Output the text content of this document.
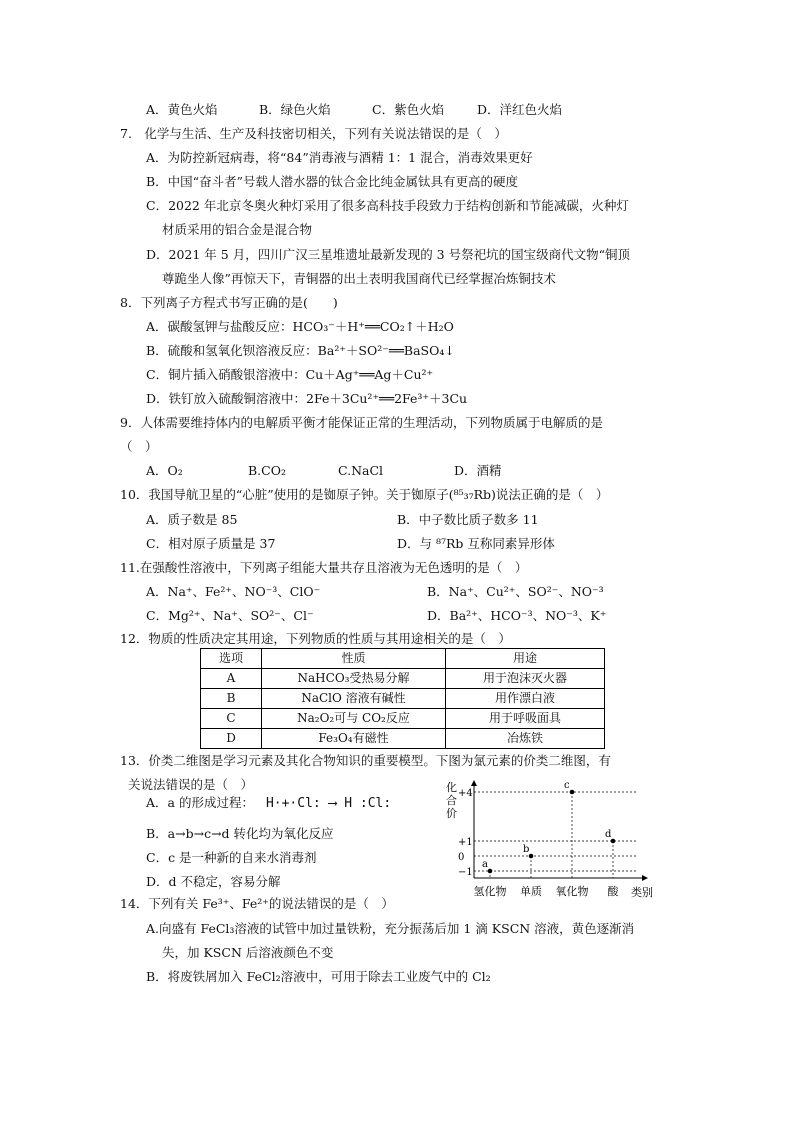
A．黄色火焰	B．绿色火焰	C．紫色火焰	D．洋红色火焰
7.　化学与生活、生产及科技密切相关，下列有关说法错误的是（　）
A．为防控新冠病毒，将“84”消毒液与酒精 1：1 混合，消毒效果更好
B．中国“奋斗者”号载人潜水器的钛合金比纯金属钛具有更高的硬度
C．2022 年北京冬奥火种灯采用了很多高科技手段致力于结构创新和节能减碳，火种灯
材质采用的铝合金是混合物
D．2021 年 5 月，四川广汉三星堆遗址最新发现的 3 号祭祀坑的国宝级商代文物“铜顶
尊跪坐人像”再惊天下，青铜器的出土表明我国商代已经掌握冶炼铜技术
8．下列离子方程式书写正确的是(　　)
A．碳酸氢钾与盐酸反应：HCO₃⁻＋H⁺══CO₂↑＋H₂O
B．硫酸和氢氧化钡溶液反应：Ba²⁺＋SO²⁻══BaSO₄↓
C．铜片插入硝酸银溶液中：Cu＋Ag⁺══Ag＋Cu²⁺
D．铁钉放入硫酸铜溶液中：2Fe＋3Cu²⁺══2Fe³⁺＋3Cu
9．人体需要维持体内的电解质平衡才能保证正常的生理活动，下列物质属于电解质的是
（　）
A．O₂	B.CO₂	C.NaCl	D．酒精
10．我国导航卫星的“心脏”使用的是铷原子钟。关于铷原子(⁸⁵₃₇Rb)说法正确的是（　）
A．质子数是 85	B．中子数比质子数多 11
C．相对原子质量是 37	D．与 ⁸⁷Rb 互称同素异形体
11.在强酸性溶液中，下列离子组能大量共存且溶液为无色透明的是（　）
A．Na⁺、Fe²⁺、NO⁻³、ClO⁻	B．Na⁺、Cu²⁺、SO²⁻、NO⁻³
C．Mg²⁺、Na⁺、SO²⁻、Cl⁻	D．Ba²⁺、HCO⁻³、NO⁻³、K⁺
12．物质的性质决定其用途，下列物质的性质与其用途相关的是（　）
选项	性质	用途
A	NaHCO₃受热易分解	用于泡沫灭火器
B	NaClO 溶液有碱性	用作漂白液
C	Na₂O₂可与 CO₂反应	用于呼吸面具
D	Fe₃O₄有磁性	冶炼铁
13．价类二维图是学习元素及其化合物知识的重要模型。下图为氯元素的价类二维图，有
关说法错误的是（　）
A．a 的形成过程： H·+·Cl: ⟶ H :Cl:
B．a→b→c→d 转化均为氧化反应
C．c 是一种新的自来水消毒剂
D．d 不稳定，容易分解
化
合
价
+4
+1
0
−1
氢化物 单质 氧化物 酸
a
b
c
d
类别
14．下列有关 Fe³⁺、Fe²⁺的说法错误的是（　）
A.向盛有 FeCl₃溶液的试管中加过量铁粉，充分振荡后加 1 滴 KSCN 溶液，黄色逐渐消
失，加 KSCN 后溶液颜色不变
B．将废铁屑加入 FeCl₂溶液中，可用于除去工业废气中的 Cl₂
